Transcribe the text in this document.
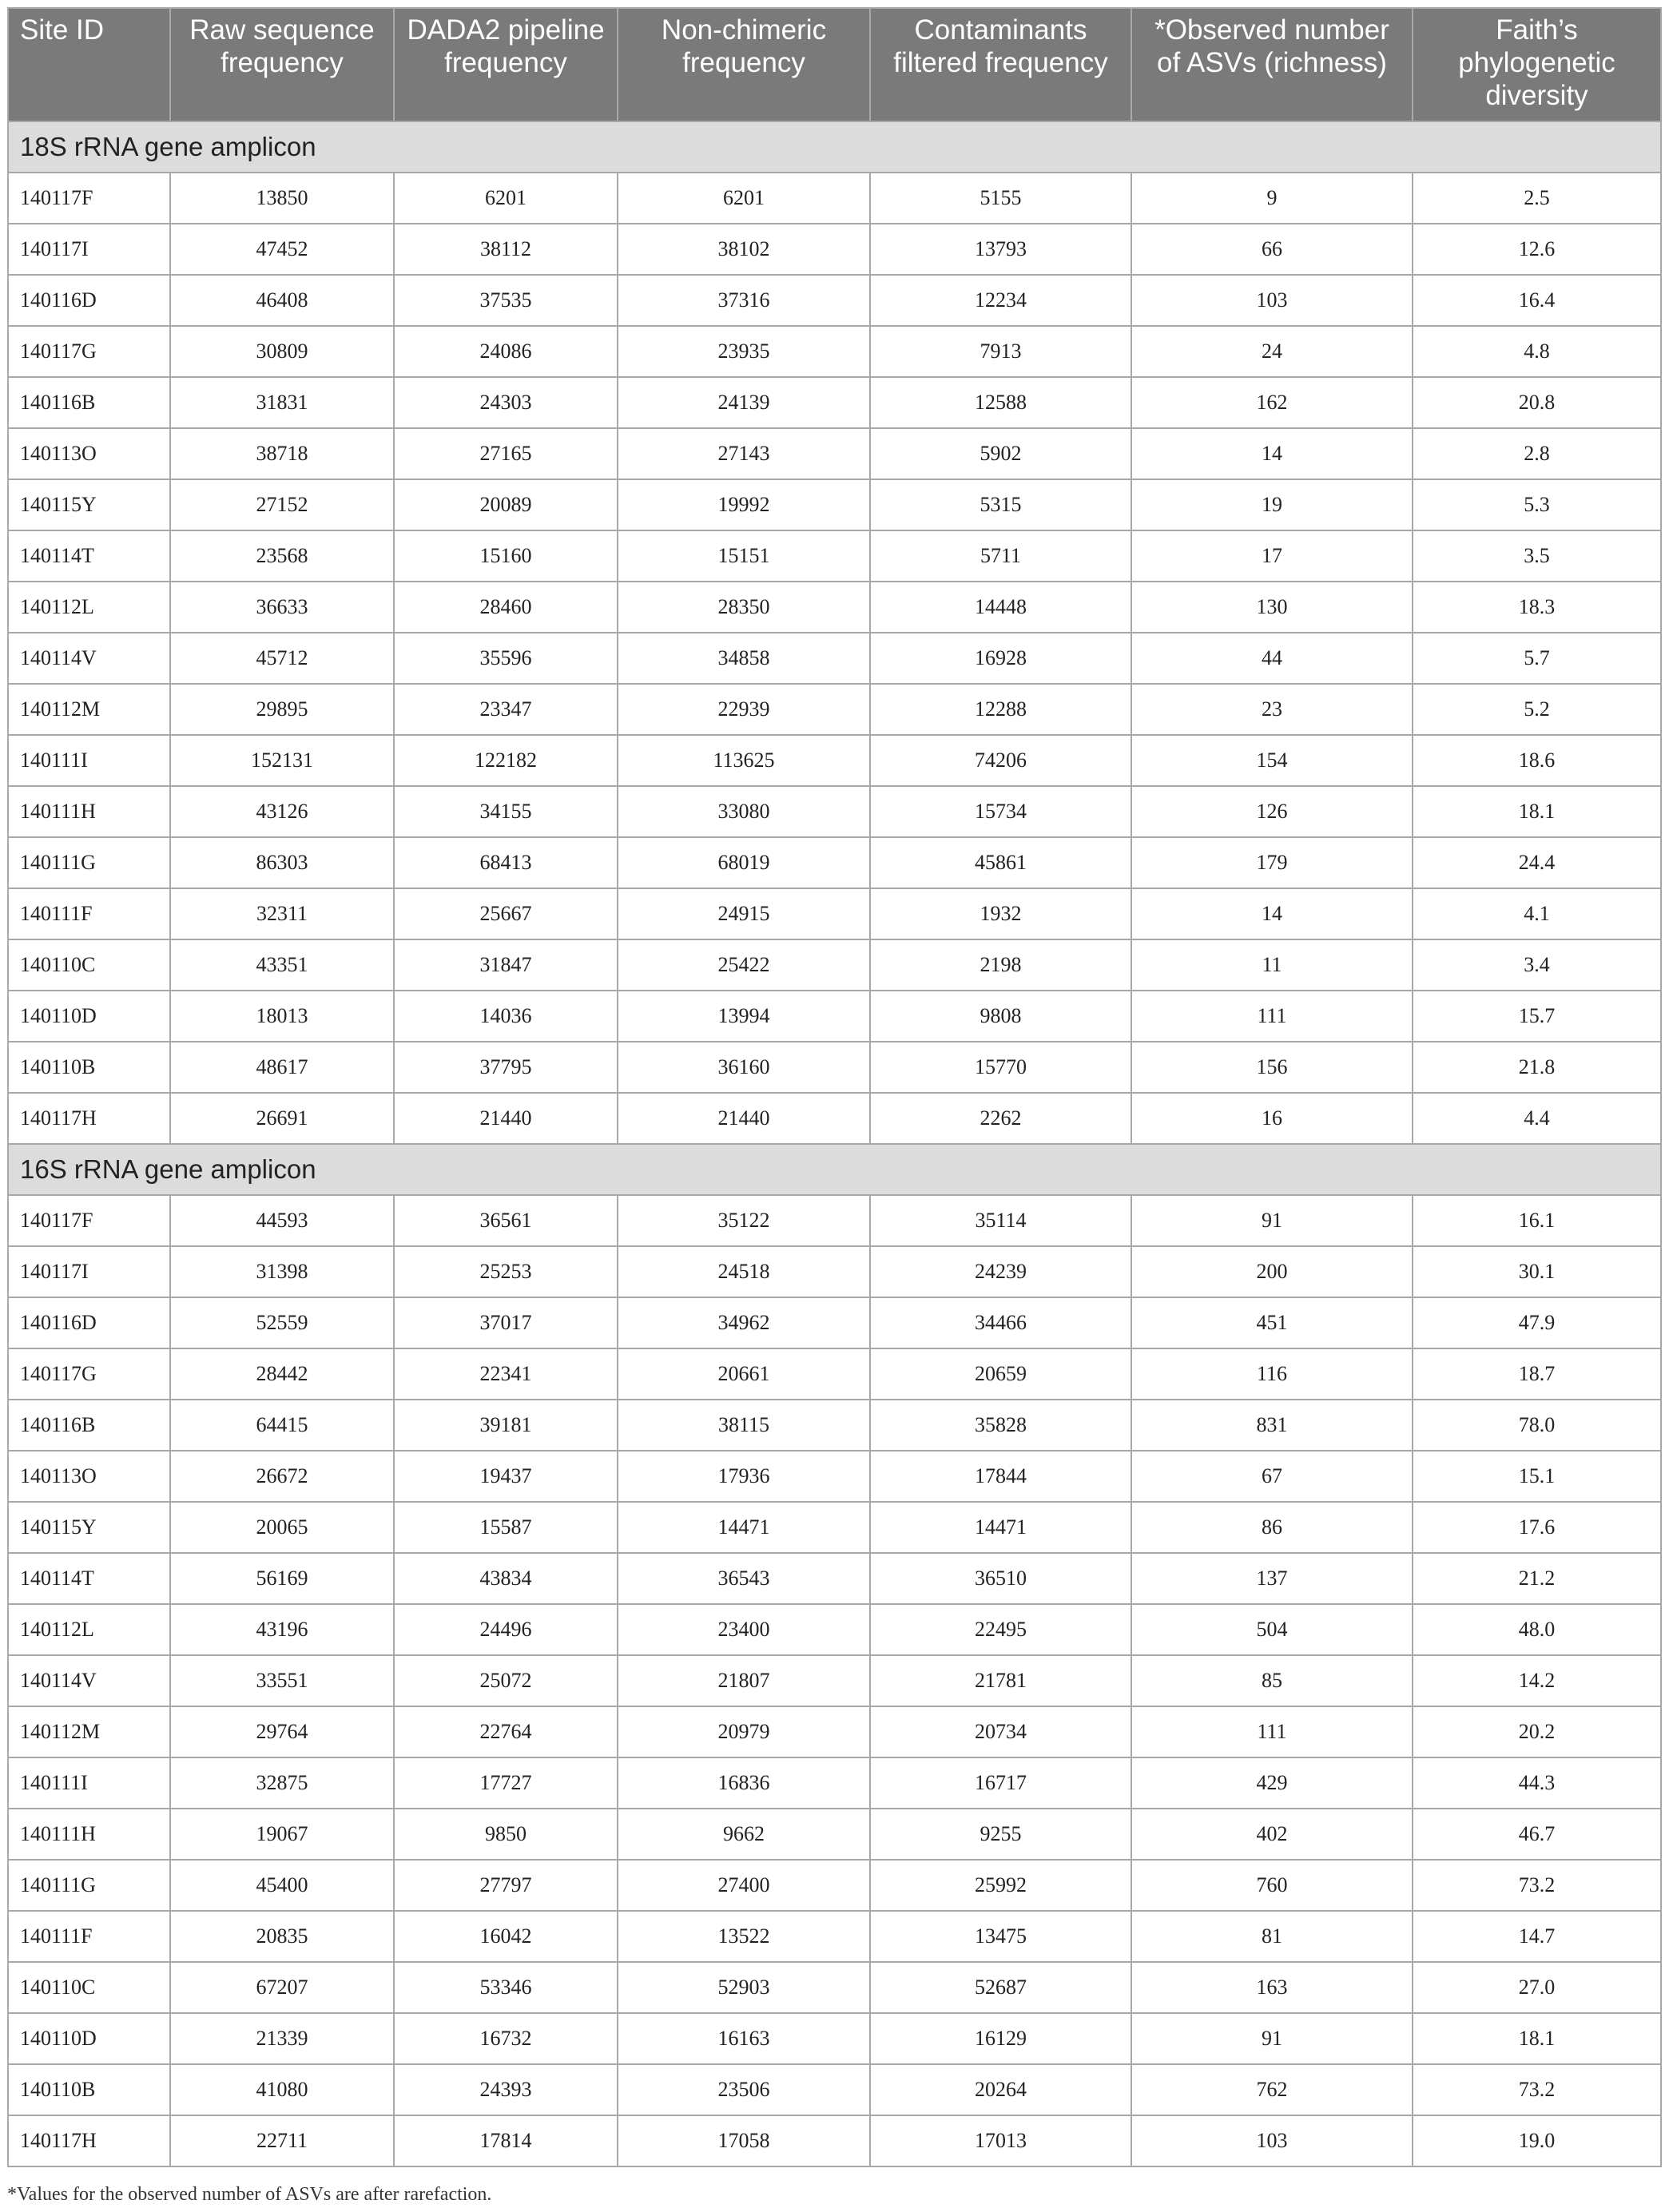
Site ID	Raw sequence frequency	DADA2 pipeline frequency	Non-chimeric frequency	Contaminants filtered frequency	*Observed number of ASVs (richness)	Faith’s phylogenetic diversity
18S rRNA gene amplicon						
140117F	13850	6201	6201	5155	9	2.5
140117I	47452	38112	38102	13793	66	12.6
140116D	46408	37535	37316	12234	103	16.4
140117G	30809	24086	23935	7913	24	4.8
140116B	31831	24303	24139	12588	162	20.8
140113O	38718	27165	27143	5902	14	2.8
140115Y	27152	20089	19992	5315	19	5.3
140114T	23568	15160	15151	5711	17	3.5
140112L	36633	28460	28350	14448	130	18.3
140114V	45712	35596	34858	16928	44	5.7
140112M	29895	23347	22939	12288	23	5.2
140111I	152131	122182	113625	74206	154	18.6
140111H	43126	34155	33080	15734	126	18.1
140111G	86303	68413	68019	45861	179	24.4
140111F	32311	25667	24915	1932	14	4.1
140110C	43351	31847	25422	2198	11	3.4
140110D	18013	14036	13994	9808	111	15.7
140110B	48617	37795	36160	15770	156	21.8
140117H	26691	21440	21440	2262	16	4.4
16S rRNA gene amplicon						
140117F	44593	36561	35122	35114	91	16.1
140117I	31398	25253	24518	24239	200	30.1
140116D	52559	37017	34962	34466	451	47.9
140117G	28442	22341	20661	20659	116	18.7
140116B	64415	39181	38115	35828	831	78.0
140113O	26672	19437	17936	17844	67	15.1
140115Y	20065	15587	14471	14471	86	17.6
140114T	56169	43834	36543	36510	137	21.2
140112L	43196	24496	23400	22495	504	48.0
140114V	33551	25072	21807	21781	85	14.2
140112M	29764	22764	20979	20734	111	20.2
140111I	32875	17727	16836	16717	429	44.3
140111H	19067	9850	9662	9255	402	46.7
140111G	45400	27797	27400	25992	760	73.2
140111F	20835	16042	13522	13475	81	14.7
140110C	67207	53346	52903	52687	163	27.0
140110D	21339	16732	16163	16129	91	18.1
140110B	41080	24393	23506	20264	762	73.2
140117H	22711	17814	17058	17013	103	19.0
*Values for the observed number of ASVs are after rarefaction.
